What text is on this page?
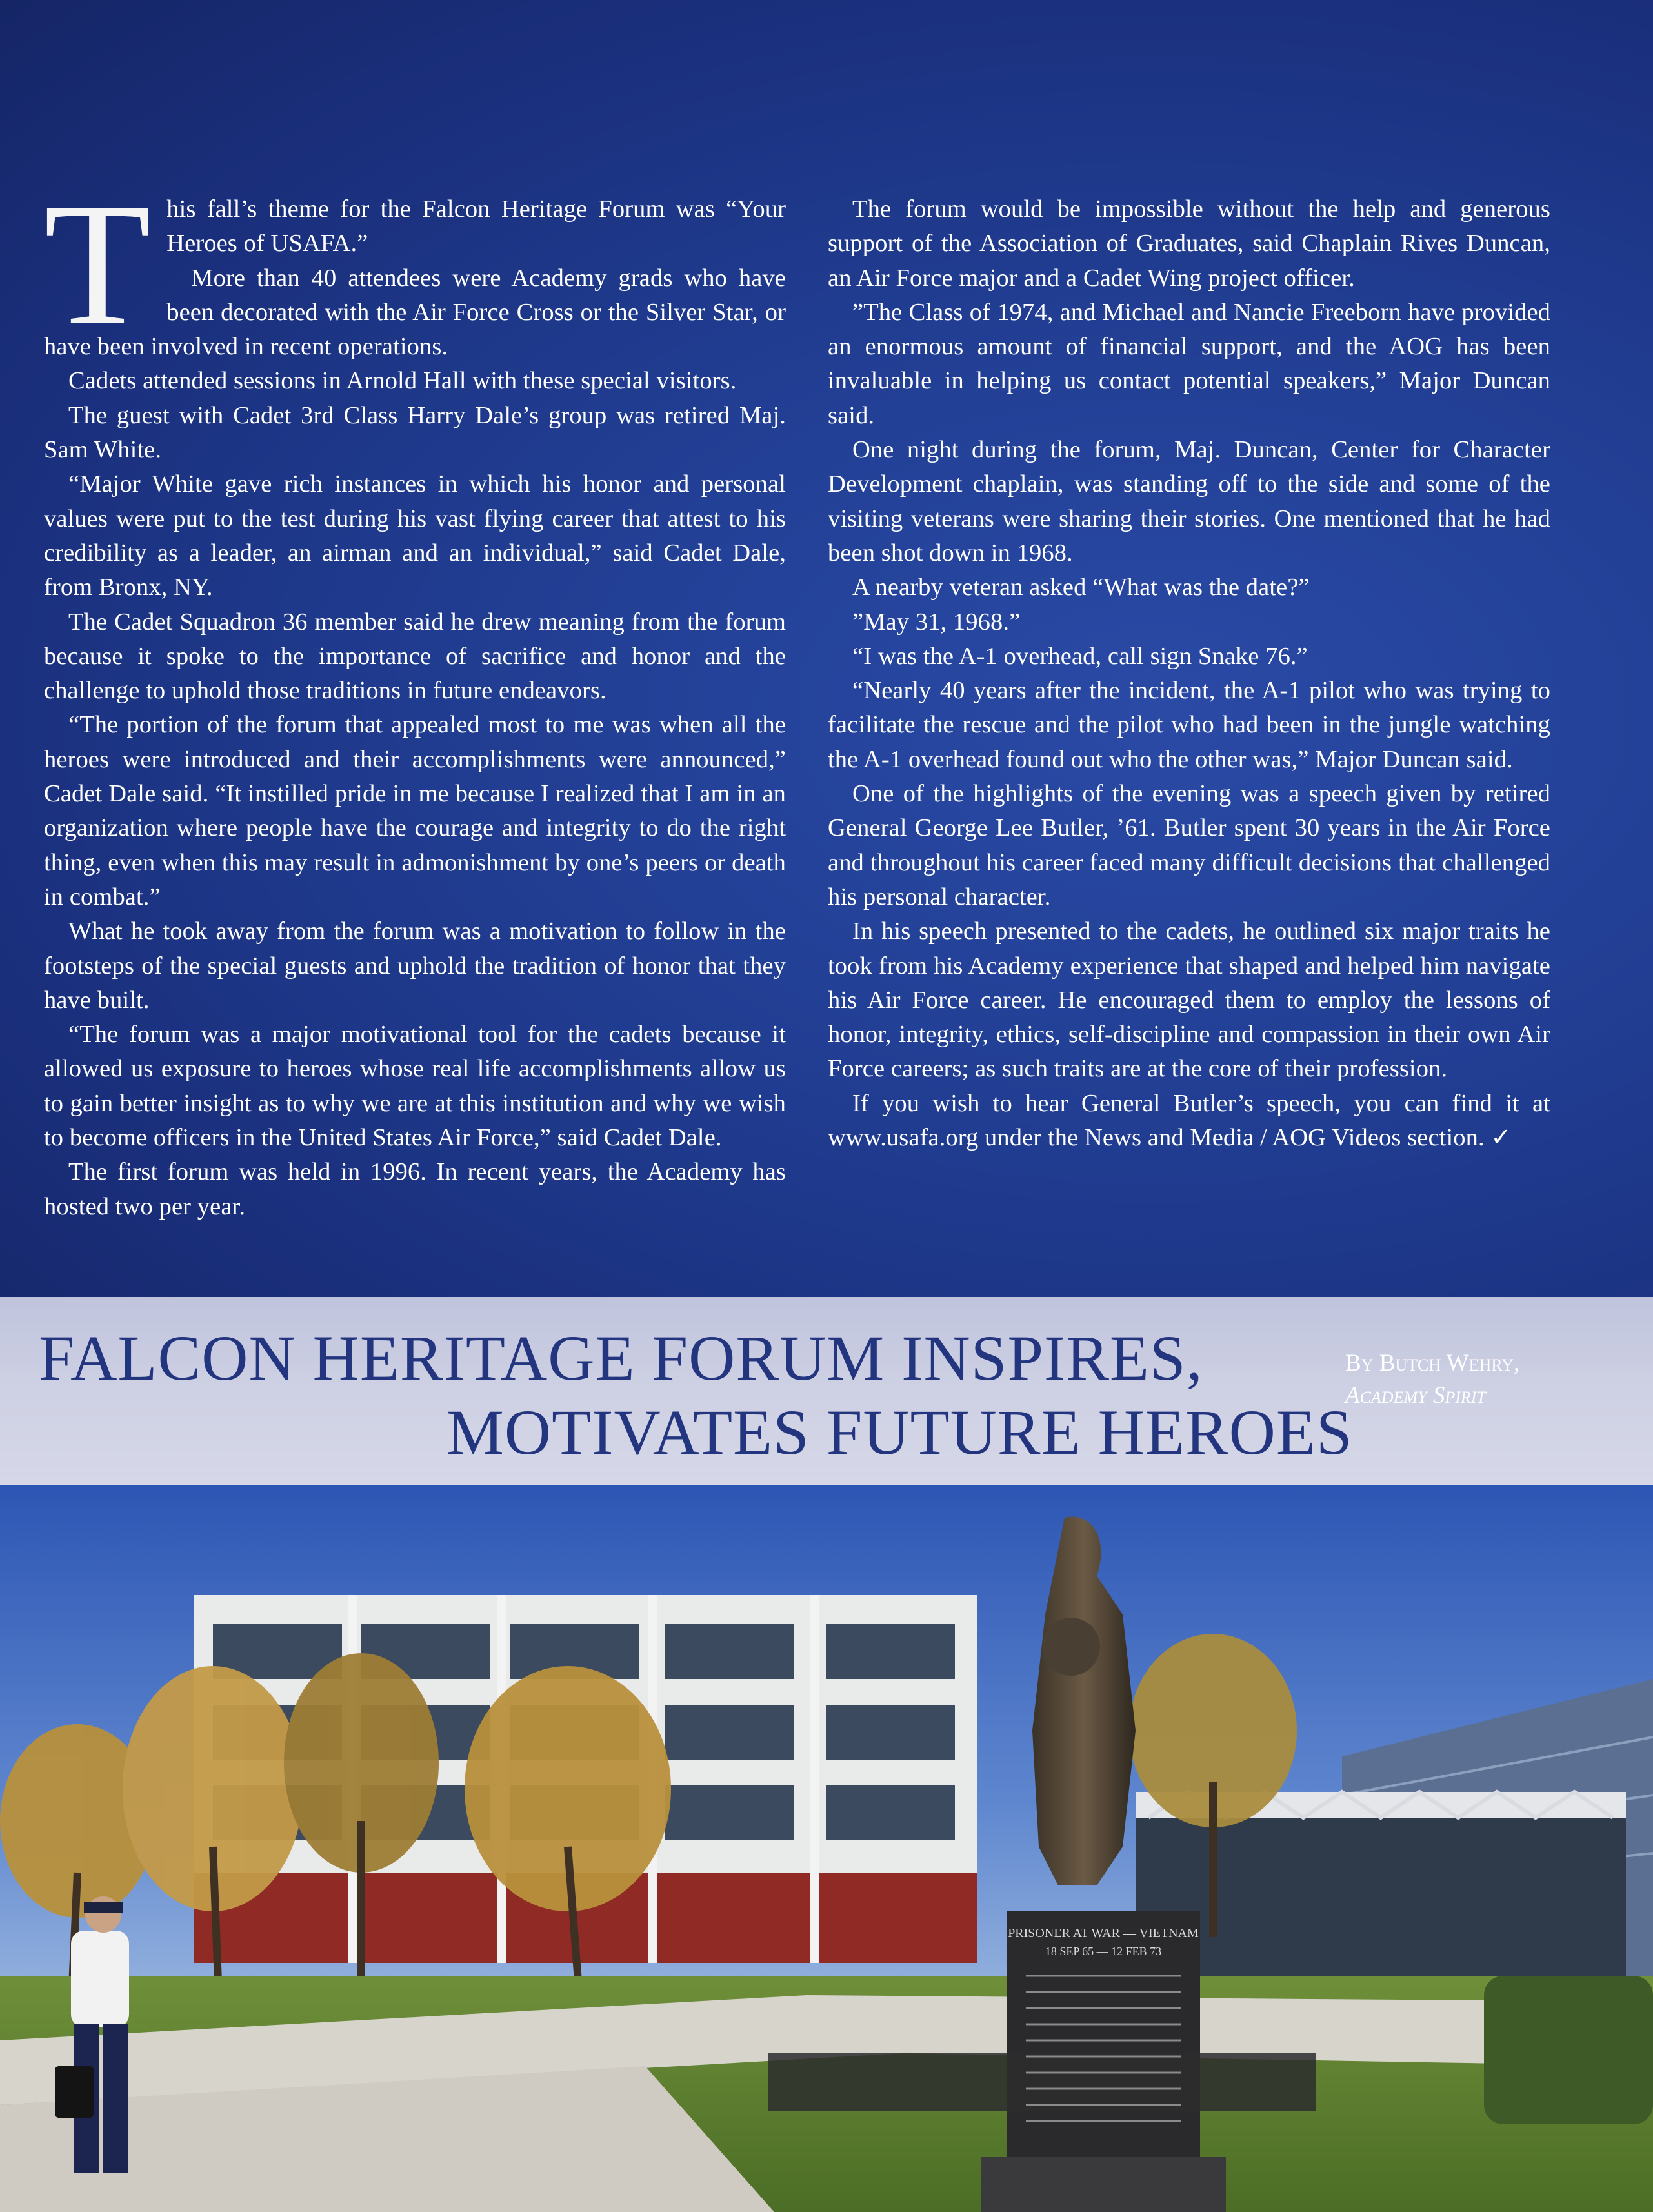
T his fall’s theme for the Falcon Heritage Forum was “Your Heroes of USAFA.”

More than 40 attendees were Academy grads who have been decorated with the Air Force Cross or the Silver Star, or have been involved in recent operations.

Cadets attended sessions in Arnold Hall with these special visitors.

The guest with Cadet 3rd Class Harry Dale’s group was retired Maj. Sam White.

“Major White gave rich instances in which his honor and personal values were put to the test during his vast flying career that attest to his credibility as a leader, an airman and an individual,” said Cadet Dale, from Bronx, NY.

The Cadet Squadron 36 member said he drew meaning from the forum because it spoke to the importance of sacrifice and honor and the challenge to uphold those traditions in future endeavors.

“The portion of the forum that appealed most to me was when all the heroes were introduced and their accomplishments were announced,” Cadet Dale said. “It instilled pride in me because I realized that I am in an organization where people have the courage and integrity to do the right thing, even when this may result in admonishment by one’s peers or death in combat.”

What he took away from the forum was a motivation to follow in the footsteps of the special guests and uphold the tradition of honor that they have built.

“The forum was a major motivational tool for the cadets because it allowed us exposure to heroes whose real life accomplishments allow us to gain better insight as to why we are at this institution and why we wish to become officers in the United States Air Force,” said Cadet Dale.

The first forum was held in 1996. In recent years, the Academy has hosted two per year.

The forum would be impossible without the help and generous support of the Association of Graduates, said Chaplain Rives Duncan, an Air Force major and a Cadet Wing project officer.

”The Class of 1974, and Michael and Nancie Freeborn have provided an enormous amount of financial support, and the AOG has been invaluable in helping us contact potential speakers,” Major Duncan said.

One night during the forum, Maj. Duncan, Center for Character Development chaplain, was standing off to the side and some of the visiting veterans were sharing their stories. One mentioned that he had been shot down in 1968.

A nearby veteran asked “What was the date?”

”May 31, 1968.”

“I was the A-1 overhead, call sign Snake 76.”

“Nearly 40 years after the incident, the A-1 pilot who was trying to facilitate the rescue and the pilot who had been in the jungle watching the A-1 overhead found out who the other was,” Major Duncan said.

One of the highlights of the evening was a speech given by retired General George Lee Butler, ’61. Butler spent 30 years in the Air Force and throughout his career faced many difficult decisions that challenged his personal character.

In his speech presented to the cadets, he outlined six major traits he took from his Academy experience that shaped and helped him navigate his Air Force career. He encouraged them to employ the lessons of honor, integrity, ethics, self-discipline and compassion in their own Air Force careers; as such traits are at the core of their profession.

If you wish to hear General Butler’s speech, you can find it at www.usafa.org under the News and Media / AOG Videos section. ✓

FALCON HERITAGE FORUM INSPIRES,
MOTIVATES FUTURE HEROES
By Butch Wehry,
Academy Spirit
PRISONER AT WAR — VIETNAM
18 SEP 65 — 12 FEB 73
